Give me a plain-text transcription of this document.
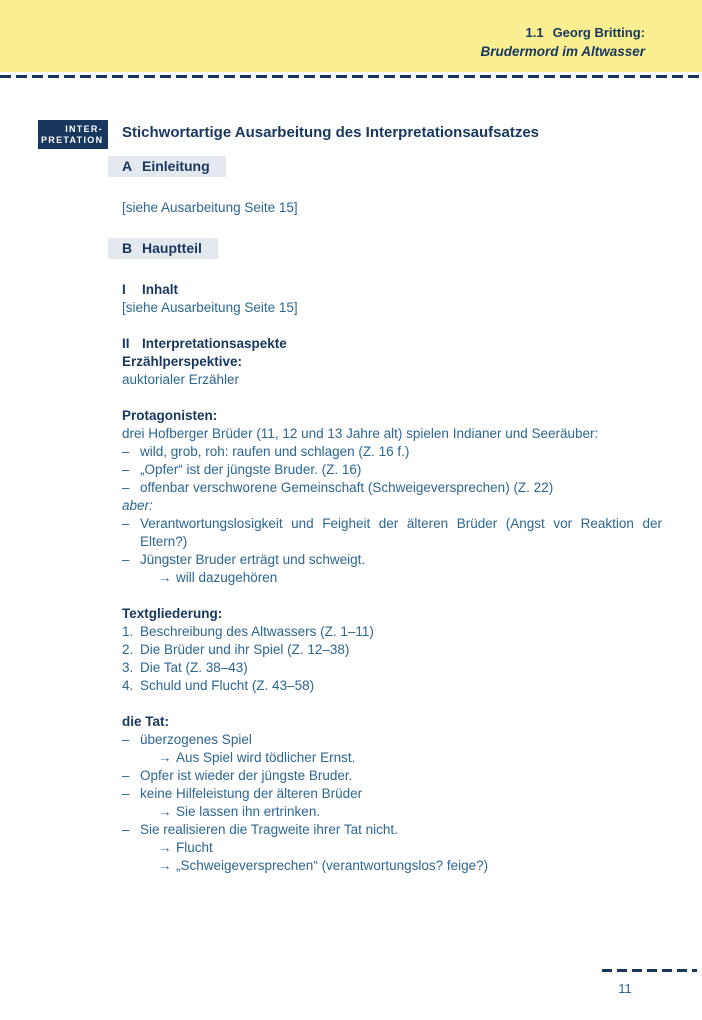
1.1 Georg Britting:
Brudermord im Altwasser
INTER-
PRETATION Stichwortartige Ausarbeitung des Interpretationsaufsatzes
A Einleitung
[siehe Ausarbeitung Seite 15]
B Hauptteil
I Inhalt
[siehe Ausarbeitung Seite 15]
II Interpretationsaspekte
Erzählperspektive:
auktorialer Erzähler
Protagonisten:
drei Hofberger Brüder (11, 12 und 13 Jahre alt) spielen Indianer und Seeräuber:
– wild, grob, roh: raufen und schlagen (Z. 16 f.)
– „Opfer“ ist der jüngste Bruder. (Z. 16)
– offenbar verschworene Gemeinschaft (Schweigeversprechen) (Z. 22)
aber:
– Verantwortungslosigkeit und Feigheit der älteren Brüder (Angst vor Reaktion der Eltern?)
– Jüngster Bruder erträgt und schweigt.
→ will dazugehören
Textgliederung:
1. Beschreibung des Altwassers (Z. 1–11)
2. Die Brüder und ihr Spiel (Z. 12–38)
3. Die Tat (Z. 38–43)
4. Schuld und Flucht (Z. 43–58)
die Tat:
– überzogenes Spiel
→ Aus Spiel wird tödlicher Ernst.
– Opfer ist wieder der jüngste Bruder.
– keine Hilfeleistung der älteren Brüder
→ Sie lassen ihn ertrinken.
– Sie realisieren die Tragweite ihrer Tat nicht.
→ Flucht
→ „Schweigeversprechen“ (verantwortungslos? feige?)
11
